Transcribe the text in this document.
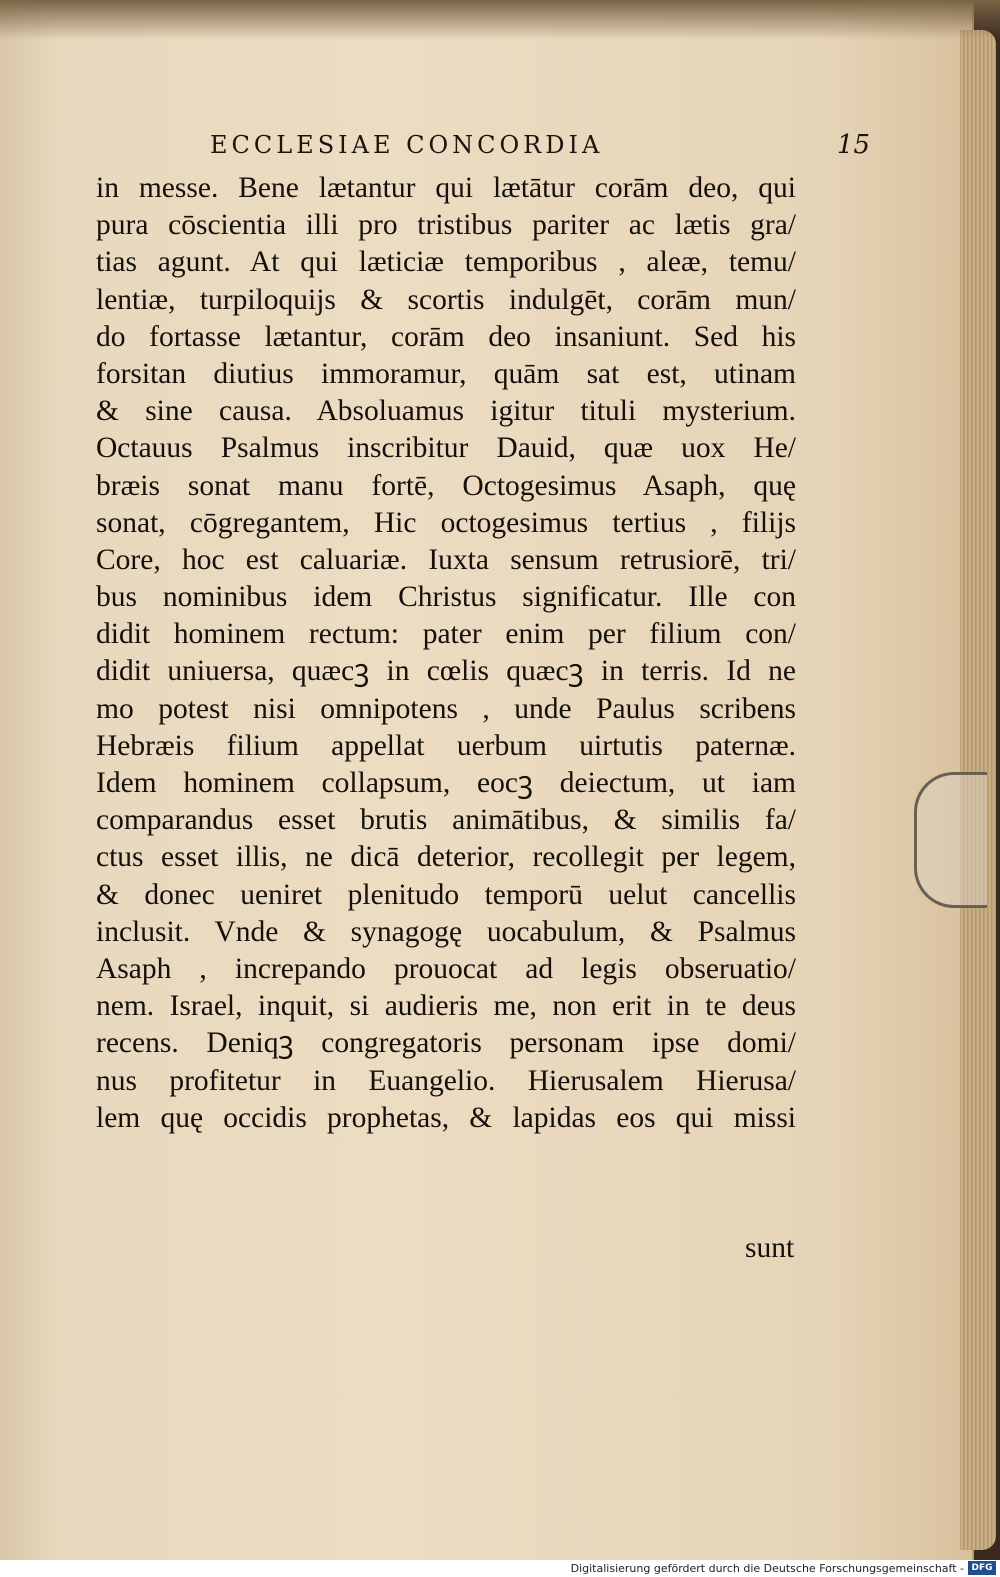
ECCLESIAE CONCORDIA	15
in messe. Bene lætantur qui lætātur corām deo, qui
pura cōscientia illi pro tristibus pariter ac lætis gra/
tias agunt. At qui læticiæ temporibus , aleæ, temu/
lentiæ, turpiloquijs & scortis indulgēt, corām mun/
do fortasse lætantur, corām deo insaniunt. Sed his
forsitan diutius immoramur, quām sat est, utinam
& sine causa. Absoluamus igitur tituli mysterium.
Octauus Psalmus inscribitur Dauid, quæ uox He/
bræis sonat manu fortē, Octogesimus Asaph, quę
sonat, cōgregantem, Hic octogesimus tertius , filijs
Core, hoc est caluariæ. Iuxta sensum retrusiorē, tri/
bus nominibus idem Christus significatur. Ille con
didit hominem rectum: pater enim per filium con/
didit uniuersa, quæcꝫ in cœlis quæcꝫ in terris. Id ne
mo potest nisi omnipotens , unde Paulus scribens
Hebræis filium appellat uerbum uirtutis paternæ.
Idem hominem collapsum, eocꝫ deiectum, ut iam
comparandus esset brutis animātibus, & similis fa/
ctus esset illis, ne dicā deterior, recollegit per legem,
& donec ueniret plenitudo temporū uelut cancellis
inclusit. Vnde & synagogę uocabulum, & Psalmus
Asaph , increpando prouocat ad legis obseruatio/
nem. Israel, inquit, si audieris me, non erit in te deus
recens. Deniqꝫ congregatoris personam ipse domi/
nus profitetur in Euangelio. Hierusalem Hierusa/
lem quę occidis prophetas, & lapidas eos qui missi
sunt
Digitalisierung gefördert durch die Deutsche Forschungsgemeinschaft - DFG
